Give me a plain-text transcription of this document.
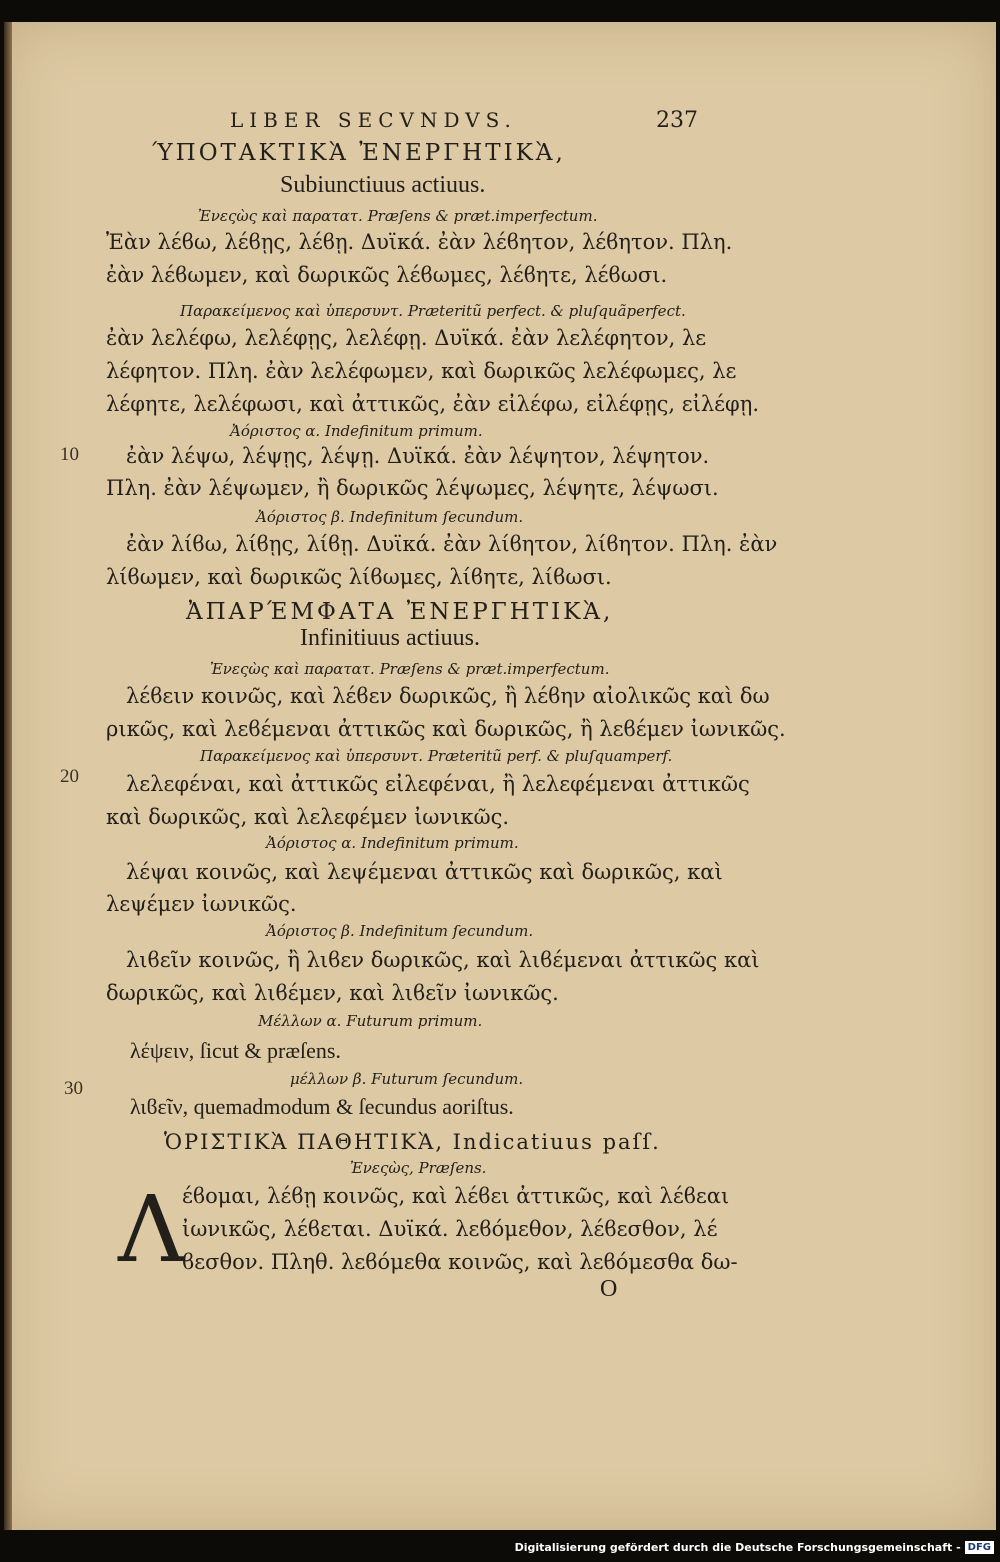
LIBER SECVNDVS.	237
ΎΠΟΤΑΚΤΙΚᾺ ἘΝΕΡΓΗΤΙΚᾺ,
Subiunctiuus actiuus.
Ἐνεςὼς καὶ παρατατ. Præſens & præt.imperfectum.
Ἐὰν λέϐω, λέϐῃς, λέϐῃ. Δυϊκά. ἐὰν λέϐητον, λέϐητον. Πλη.
ἐὰν λέϐωμεν, καὶ δωρικῶς λέϐωμες, λέϐητε, λέϐωσι.
Παρακείμενος καὶ ὑπερσυντ. Præteritũ perfect. & pluſquãperfect.
ἐὰν λελέφω, λελέφῃς, λελέφῃ. Δυϊκά. ἐὰν λελέφητον, λε
λέφητον. Πλη. ἐὰν λελέφωμεν, καὶ δωρικῶς λελέφωμες, λε
λέφητε, λελέφωσι, καὶ ἀττικῶς, ἐὰν εἰλέφω, εἰλέφῃς, εἰλέφῃ.
Ἀόριστος α. Indefinitum primum.
10 ἐὰν λέψω, λέψῃς, λέψῃ. Δυϊκά. ἐὰν λέψητον, λέψητον.
Πλη. ἐὰν λέψωμεν, ἢ δωρικῶς λέψωμες, λέψητε, λέψωσι.
Ἀόριστος β. Indefinitum ſecundum.
ἐὰν λίϐω, λίϐῃς, λίϐῃ. Δυϊκά. ἐὰν λίϐητον, λίϐητον. Πλη. ἐὰν
λίϐωμεν, καὶ δωρικῶς λίϐωμες, λίϐητε, λίϐωσι.
ἈΠΑΡΈΜΦΑΤΑ ἘΝΕΡΓΗΤΙΚᾺ,
Infinitiuus actiuus.
Ἐνεςὼς καὶ παρατατ. Præſens & præt.imperfectum.
λέϐειν κοινῶς, καὶ λέϐεν δωρικῶς, ἢ λέϐην αἰολικῶς καὶ δω
ρικῶς, καὶ λεϐέμεναι ἀττικῶς καὶ δωρικῶς, ἢ λεϐέμεν ἰωνικῶς.
Παρακείμενος καὶ ὑπερσυντ. Præteritũ perf. & pluſquamperf.
20 λελεφέναι, καὶ ἀττικῶς εἰλεφέναι, ἢ λελεφέμεναι ἀττικῶς
καὶ δωρικῶς, καὶ λελεφέμεν ἰωνικῶς.
Ἀόριστος α. Indefinitum primum.
λέψαι κοινῶς, καὶ λεψέμεναι ἀττικῶς καὶ δωρικῶς, καὶ
λεψέμεν ἰωνικῶς.
Ἀόριστος β. Indefinitum ſecundum.
λιϐεῖν κοινῶς, ἢ λιϐεν δωρικῶς, καὶ λιϐέμεναι ἀττικῶς καὶ
δωρικῶς, καὶ λιϐέμεν, καὶ λιϐεῖν ἰωνικῶς.
Μέλλων α. Futurum primum.
λέψειν, ſicut & præſens.
30	μέλλων β. Futurum ſecundum.
λιϐεῖν, quemadmodum & ſecundus aoriſtus.
ὉΡΙΣΤΙΚᾺ ΠΑΘΗΤΙΚᾺ, Indicatiuus paſſ.
Ἐνεςὼς, Præſens.
Λ
έϐομαι, λέϐῃ κοινῶς, καὶ λέϐει ἀττικῶς, καὶ λέϐεαι
ἰωνικῶς, λέϐεται. Δυϊκά. λεϐόμεθον, λέϐεσθον, λέ
ϐεσθον. Πληθ. λεϐόμεθα κοινῶς, καὶ λεϐόμεσθα δω-
O
Digitalisierung gefördert durch die Deutsche Forschungsgemeinschaft - DFG
